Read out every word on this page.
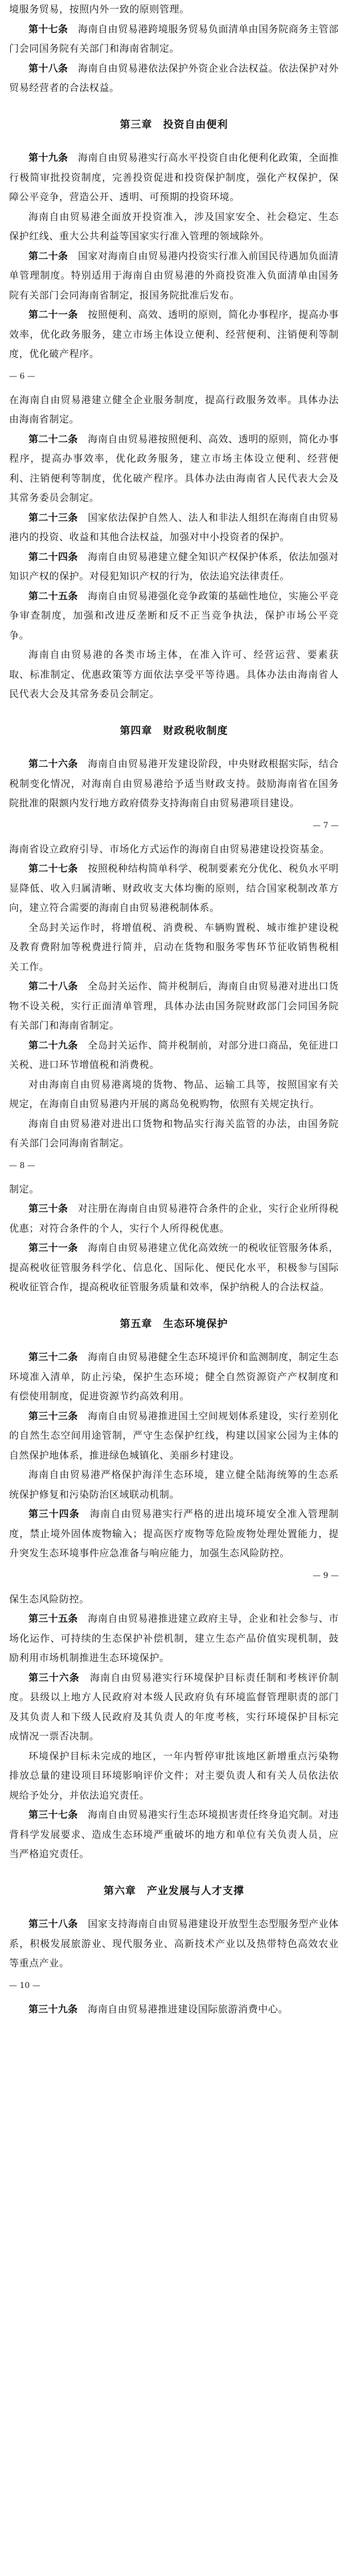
境服务贸易，按照内外一致的原则管理。

第十七条　 海南自由贸易港跨境服务贸易负面清单由国务院商务主管部门会同国务院有关部门和海南省制定。

第十八条　 海南自由贸易港依法保护外资企业合法权益。依法保护对外贸易经营者的合法权益。

第三章　投资自由便利

第十九条　 海南自由贸易港实行高水平投资自由化便利化政策，全面推行极简审批投资制度，完善投资促进和投资保护制度，强化产权保护，保障公平竞争，营造公开、透明、可预期的投资环境。

海南自由贸易港全面放开投资准入，涉及国家安全、社会稳定、生态保护红线、重大公共利益等国家实行准入管理的领域除外。

第二十条　 国家对海南自由贸易港内投资实行准入前国民待遇加负面清单管理制度。特别适用于海南自由贸易港的外商投资准入负面清单由国务院有关部门会同海南省制定，报国务院批准后发布。

第二十一条　 按照便利、高效、透明的原则，简化办事程序，提高办事效率，优化政务服务，建立市场主体设立便利、经营便利、注销便利等制度，优化破产程序。

— 6 —

在海南自由贸易港建立健全企业服务制度，提高行政服务效率。具体办法由海南省制定。

第二十二条　 海南自由贸易港按照便利、高效、透明的原则，简化办事程序，提高办事效率，优化政务服务，建立市场主体设立便利、经营便利、注销便利等制度，优化破产程序。具体办法由海南省人民代表大会及其常务委员会制定。

第二十三条　 国家依法保护自然人、法人和非法人组织在海南自由贸易港内的投资、收益和其他合法权益，加强对中小投资者的保护。

第二十四条　 海南自由贸易港建立健全知识产权保护体系，依法加强对知识产权的保护。对侵犯知识产权的行为，依法追究法律责任。

第二十五条　 海南自由贸易港强化竞争政策的基础性地位，实施公平竞争审查制度，加强和改进反垄断和反不正当竞争执法，保护市场公平竞争。

海南自由贸易港的各类市场主体，在准入许可、经营运营、要素获取、标准制定、优惠政策等方面依法享受平等待遇。具体办法由海南省人民代表大会及其常务委员会制定。

第四章　财政税收制度

第二十六条　 海南自由贸易港开发建设阶段，中央财政根据实际，结合税制变化情况，对海南自由贸易港给予适当财政支持。鼓励海南省在国务院批准的限额内发行地方政府债券支持海南自由贸易港项目建设。

— 7 —

海南省设立政府引导、市场化方式运作的海南自由贸易港建设投资基金。

第二十七条　 按照税种结构简单科学、税制要素充分优化、税负水平明显降低、收入归属清晰、财政收支大体均衡的原则，结合国家税制改革方向，建立符合需要的海南自由贸易港税制体系。

全岛封关运作时，将增值税、消费税、车辆购置税、城市维护建设税及教育费附加等税费进行简并，启动在货物和服务零售环节征收销售税相关工作。

第二十八条　 全岛封关运作、简并税制后，海南自由贸易港对进出口货物不设关税，实行正面清单管理，具体办法由国务院财政部门会同国务院有关部门和海南省制定。

第二十九条　 全岛封关运作、简并税制前，对部分进口商品，免征进口关税、进口环节增值税和消费税。

对由海南自由贸易港离境的货物、物品、运输工具等，按照国家有关规定，在海南自由贸易港内开展的离岛免税购物，依照有关规定执行。

海南自由贸易港对进出口货物和物品实行海关监管的办法，由国务院有关部门会同海南省制定。

— 8 —

制定。

第三十条　 对注册在海南自由贸易港符合条件的企业，实行企业所得税优惠；对符合条件的个人，实行个人所得税优惠。

第三十一条　 海南自由贸易港建立优化高效统一的税收征管服务体系，提高税收征管服务科学化、信息化、国际化、便民化水平，积极参与国际税收征管合作，提高税收征管服务质量和效率，保护纳税人的合法权益。

第五章　生态环境保护

第三十二条　 海南自由贸易港健全生态环境评价和监测制度，制定生态环境准入清单，防止污染，保护生态环境；健全自然资源资产产权制度和有偿使用制度，促进资源节约高效利用。

第三十三条　 海南自由贸易港推进国土空间规划体系建设，实行差别化的自然生态空间用途管制，严守生态保护红线，构建以国家公园为主体的自然保护地体系，推进绿色城镇化、美丽乡村建设。

海南自由贸易港严格保护海洋生态环境，建立健全陆海统筹的生态系统保护修复和污染防治区域联动机制。

第三十四条　 海南自由贸易港实行严格的进出境环境安全准入管理制度，禁止境外固体废物输入；提高医疗废物等危险废物处理处置能力，提升突发生态环境事件应急准备与响应能力，加强生态风险防控。

— 9 —

保生态风险防控。

第三十五条　 海南自由贸易港推进建立政府主导，企业和社会参与、市场化运作、可持续的生态保护补偿机制，建立生态产品价值实现机制，鼓励利用市场机制推进生态环境保护。

第三十六条　 海南自由贸易港实行环境保护目标责任制和考核评价制度。县级以上地方人民政府对本级人民政府负有环境监督管理职责的部门及其负责人和下级人民政府及其负责人的年度考核，实行环境保护目标完成情况一票否决制。

环境保护目标未完成的地区，一年内暂停审批该地区新增重点污染物排放总量的建设项目环境影响评价文件；对主要负责人和有关人员依法依规给予处分，并依法追究责任。

第三十七条　 海南自由贸易港实行生态环境损害责任终身追究制。对违背科学发展要求、造成生态环境严重破坏的地方和单位有关负责人员，应当严格追究责任。

第六章　产业发展与人才支撑

第三十八条　 国家支持海南自由贸易港建设开放型生态型服务型产业体系，积极发展旅游业、现代服务业、高新技术产业以及热带特色高效农业等重点产业。

— 10 —

第三十九条　 海南自由贸易港推进建设国际旅游消费中心。
